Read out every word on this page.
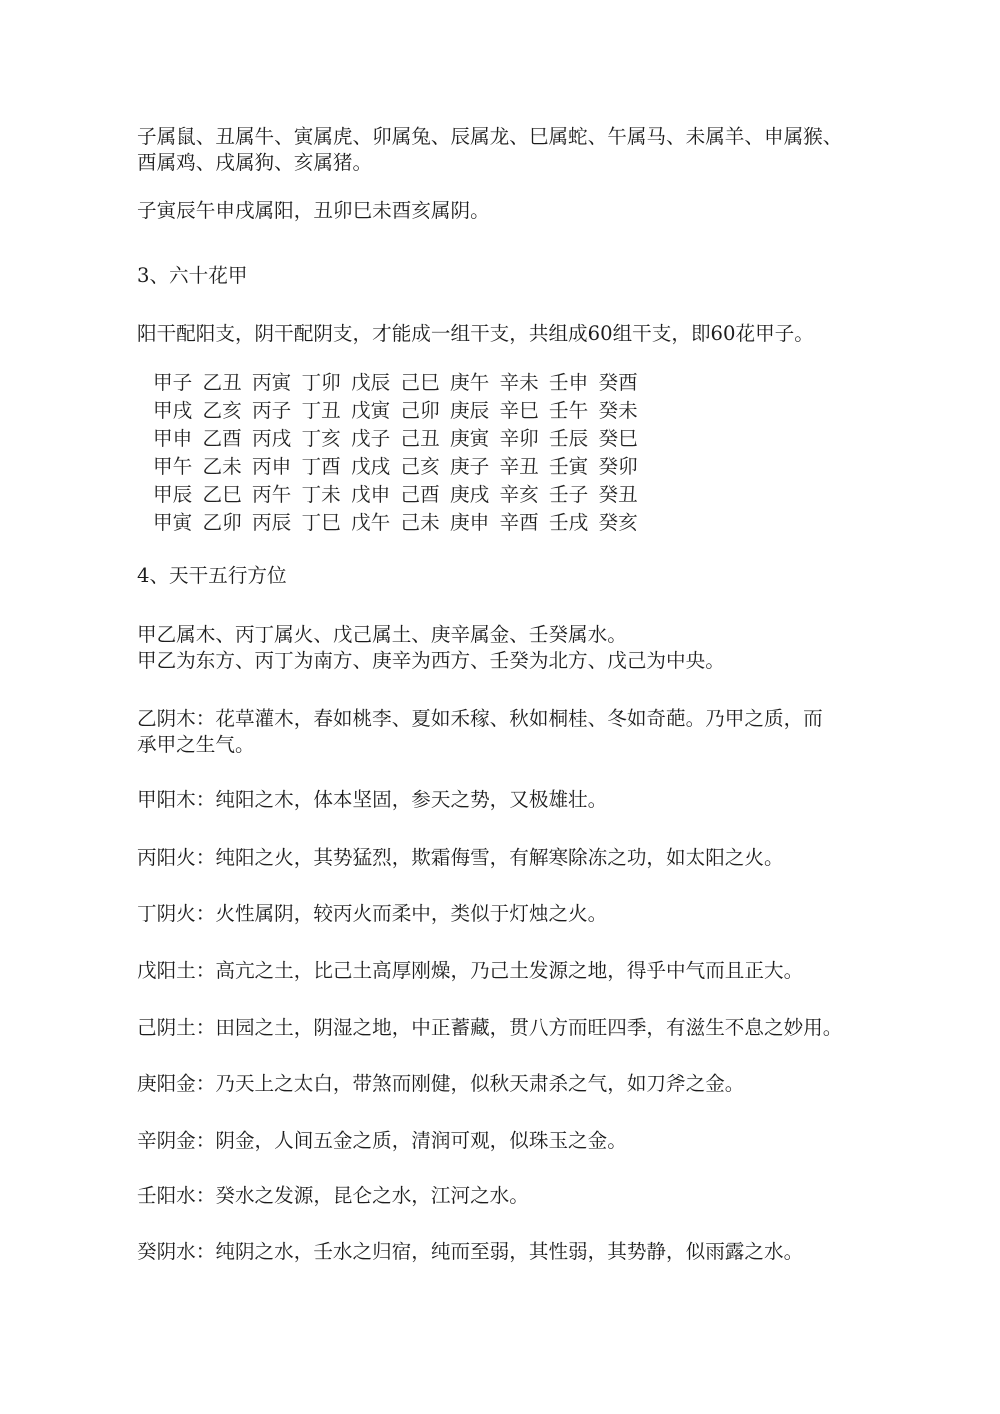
子属鼠、丑属牛、寅属虎、卯属兔、辰属龙、巳属蛇、午属马、未属羊、申属猴、
酉属鸡、戌属狗、亥属猪。
子寅辰午申戌属阳，丑卯巳未酉亥属阴。
3、六十花甲
阳干配阳支，阴干配阴支，才能成一组干支，共组成60组干支，即60花甲子。
甲子	乙丑	丙寅	丁卯	戊辰	己巳	庚午	辛未	壬申	癸酉
甲戌	乙亥	丙子	丁丑	戊寅	己卯	庚辰	辛巳	壬午	癸未
甲申	乙酉	丙戌	丁亥	戊子	己丑	庚寅	辛卯	壬辰	癸巳
甲午	乙未	丙申	丁酉	戊戌	己亥	庚子	辛丑	壬寅	癸卯
甲辰	乙巳	丙午	丁未	戊申	己酉	庚戌	辛亥	壬子	癸丑
甲寅	乙卯	丙辰	丁巳	戊午	己未	庚申	辛酉	壬戌	癸亥
4、天干五行方位
甲乙属木、丙丁属火、戊己属土、庚辛属金、壬癸属水。
甲乙为东方、丙丁为南方、庚辛为西方、壬癸为北方、戊己为中央。
乙阴木：花草灌木，春如桃李、夏如禾稼、秋如桐桂、冬如奇葩。乃甲之质，而
承甲之生气。
甲阳木：纯阳之木，体本坚固，参天之势，又极雄壮。
丙阳火：纯阳之火，其势猛烈，欺霜侮雪，有解寒除冻之功，如太阳之火。
丁阴火：火性属阴，较丙火而柔中，类似于灯烛之火。
戊阳土：高亢之土，比己土高厚刚燥，乃己土发源之地，得乎中气而且正大。
己阴土：田园之土，阴湿之地，中正蓄藏，贯八方而旺四季，有滋生不息之妙用。
庚阳金：乃天上之太白，带煞而刚健，似秋天肃杀之气，如刀斧之金。
辛阴金：阴金，人间五金之质，清润可观，似珠玉之金。
壬阳水：癸水之发源，昆仑之水，江河之水。
癸阴水：纯阴之水，壬水之归宿，纯而至弱，其性弱，其势静，似雨露之水。
